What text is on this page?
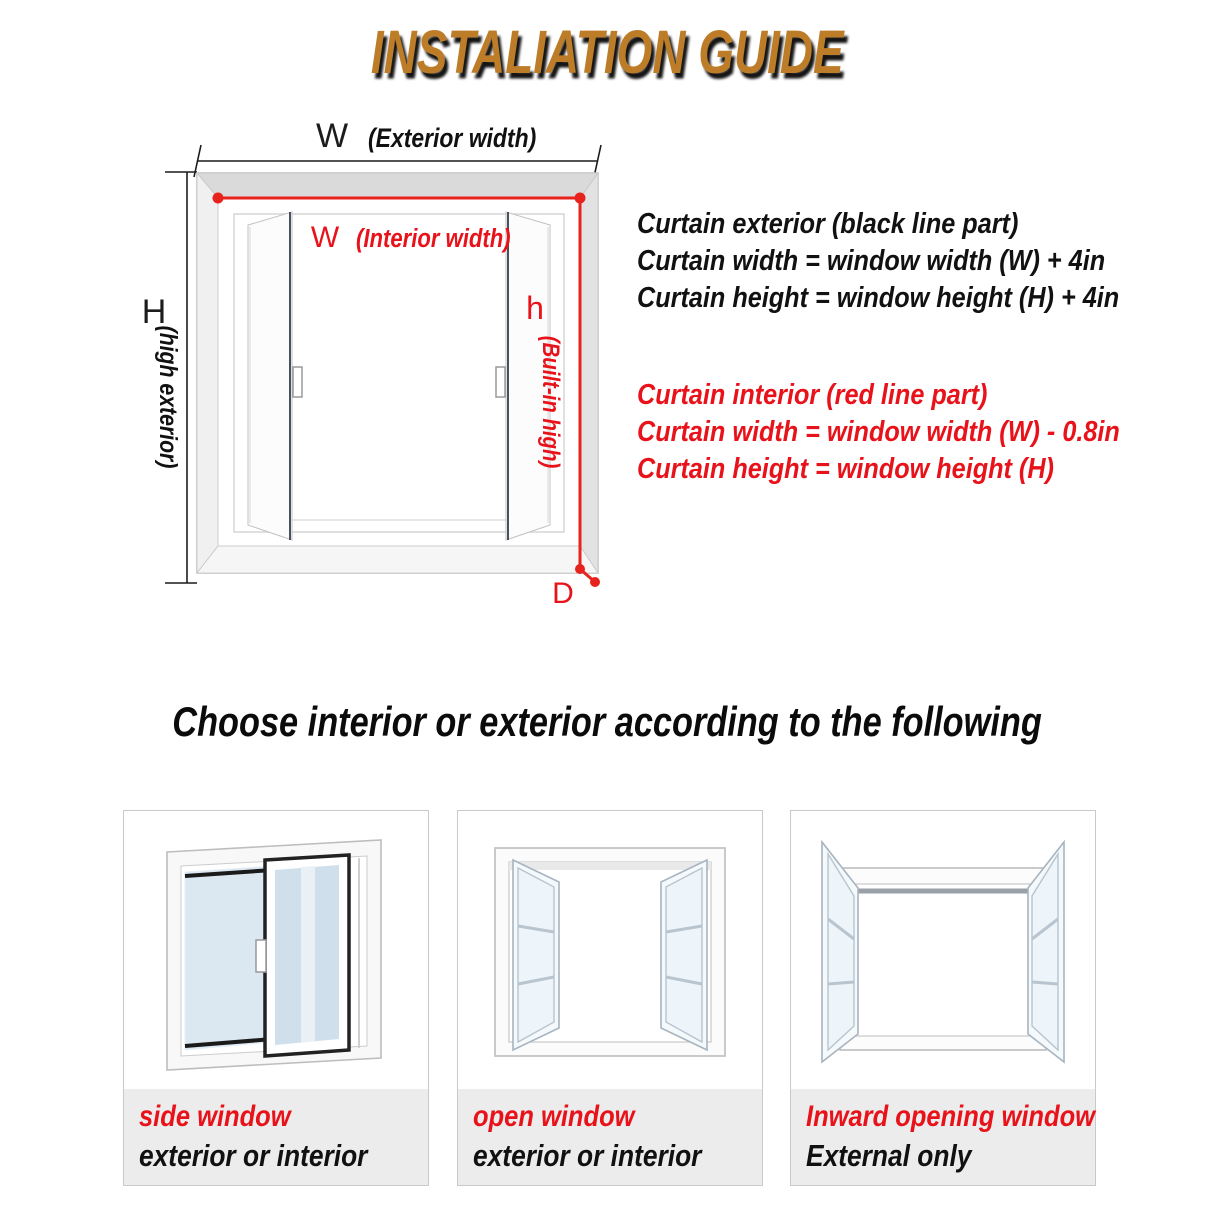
INSTALIATION GUIDE
W (Exterior width)
H
(high exterior)
D
W (Interior width)
h
(Built-in high)
Curtain exterior (black line part)
Curtain width = window width (W) + 4in
Curtain height = window height (H) + 4in
Curtain interior (red line part)
Curtain width = window width (W) - 0.8in
Curtain height = window height (H)
Choose interior or exterior according to the following
side window
exterior or interior
open window
exterior or interior
Inward opening window
External only
